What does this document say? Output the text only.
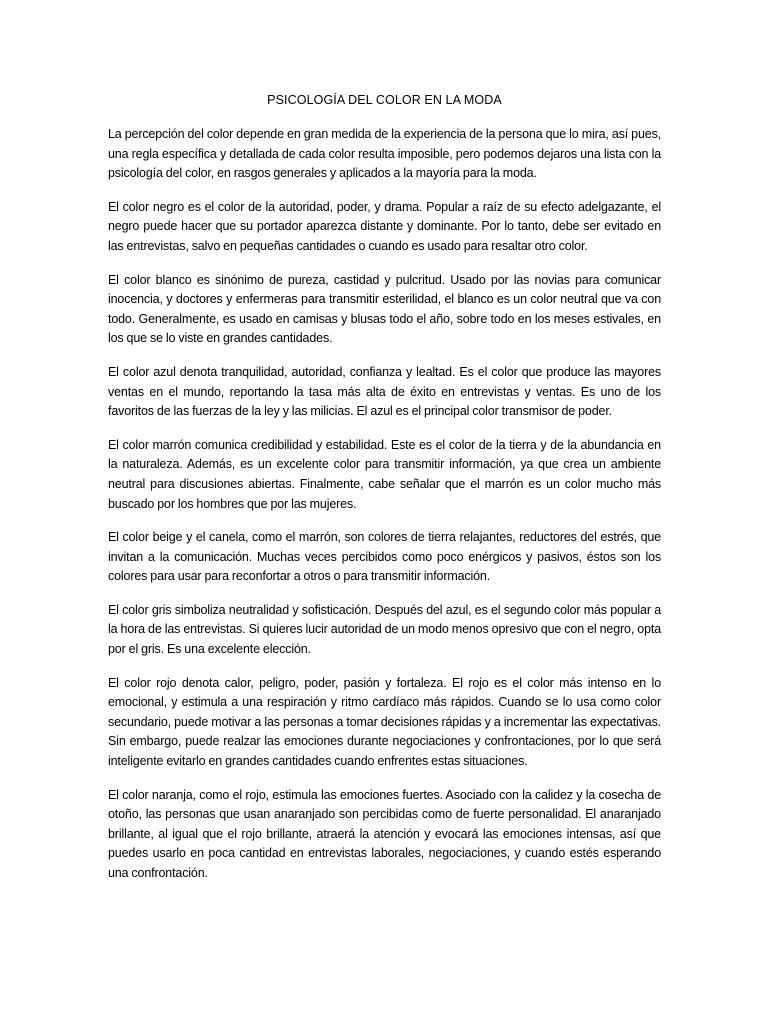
PSICOLOGÍA DEL COLOR EN LA MODA

La percepción del color depende en gran medida de la experiencia de la persona que lo mira, así pues, una regla específica y detallada de cada color resulta imposible, pero podemos dejaros una lista con la psicología del color, en rasgos generales y aplicados a la mayoría para la moda.

El color negro es el color de la autoridad, poder, y drama. Popular a raíz de su efecto adelgazante, el negro puede hacer que su portador aparezca distante y dominante. Por lo tanto, debe ser evitado en las entrevistas, salvo en pequeñas cantidades o cuando es usado para resaltar otro color.

El color blanco es sinónimo de pureza, castidad y pulcritud. Usado por las novias para comunicar inocencia, y doctores y enfermeras para transmitir esterilidad, el blanco es un color neutral que va con todo. Generalmente, es usado en camisas y blusas todo el año, sobre todo en los meses estivales, en los que se lo viste en grandes cantidades.

El color azul denota tranquilidad, autoridad, confianza y lealtad. Es el color que produce las mayores ventas en el mundo, reportando la tasa más alta de éxito en entrevistas y ventas. Es uno de los favoritos de las fuerzas de la ley y las milicias. El azul es el principal color transmisor de poder.

El color marrón comunica credibilidad y estabilidad. Este es el color de la tierra y de la abundancia en la naturaleza. Además, es un excelente color para transmitir información, ya que crea un ambiente neutral para discusiones abiertas. Finalmente, cabe señalar que el marrón es un color mucho más buscado por los hombres que por las mujeres.

El color beige y el canela, como el marrón, son colores de tierra relajantes, reductores del estrés, que invitan a la comunicación. Muchas veces percibidos como poco enérgicos y pasivos, éstos son los colores para usar para reconfortar a otros o para transmitir información.

El color gris simboliza neutralidad y sofisticación. Después del azul, es el segundo color más popular a la hora de las entrevistas. Si quieres lucir autoridad de un modo menos opresivo que con el negro, opta por el gris. Es una excelente elección.

El color rojo denota calor, peligro, poder, pasión y fortaleza. El rojo es el color más intenso en lo emocional, y estimula a una respiración y ritmo cardíaco más rápidos. Cuando se lo usa como color secundario, puede motivar a las personas a tomar decisiones rápidas y a incrementar las expectativas. Sin embargo, puede realzar las emociones durante negociaciones y confrontaciones, por lo que será inteligente evitarlo en grandes cantidades cuando enfrentes estas situaciones.

El color naranja, como el rojo, estimula las emociones fuertes. Asociado con la calidez y la cosecha de otoño, las personas que usan anaranjado son percibidas como de fuerte personalidad. El anaranjado brillante, al igual que el rojo brillante, atraerá la atención y evocará las emociones intensas, así que puedes usarlo en poca cantidad en entrevistas laborales, negociaciones, y cuando estés esperando una confrontación.
